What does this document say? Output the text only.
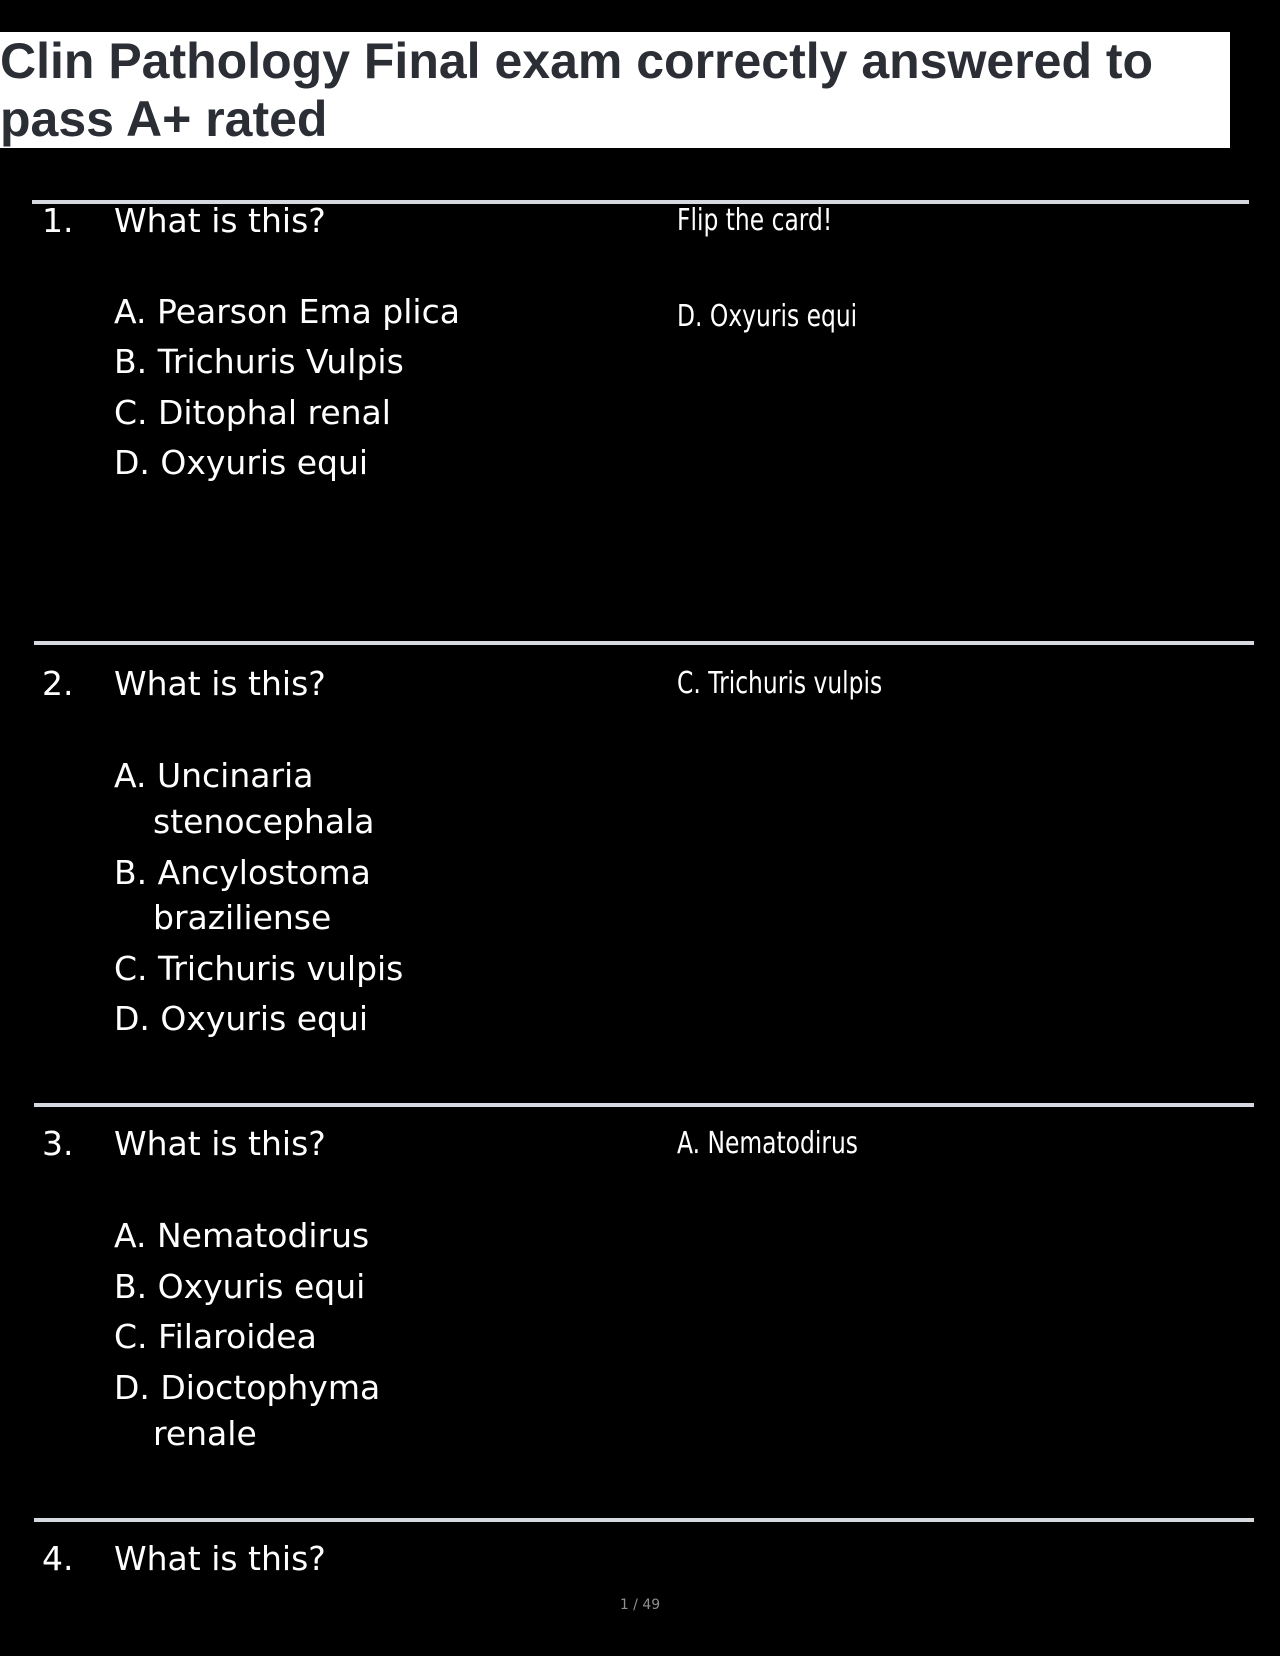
Clin Pathology Final exam correctly answered to pass A+ rated
1. What is this?	Flip the card!
D. Oxyuris equi
A. Pearson Ema plica
B. Trichuris Vulpis
C. Ditophal renal
D. Oxyuris equi
2. What is this?	C. Trichuris vulpis
A. Uncinaria
stenocephala
B. Ancylostoma
braziliense
C. Trichuris vulpis
D. Oxyuris equi
3. What is this?	A. Nematodirus
A. Nematodirus
B. Oxyuris equi
C. Filaroidea
D. Dioctophyma
renale
4. What is this?
1 / 49
